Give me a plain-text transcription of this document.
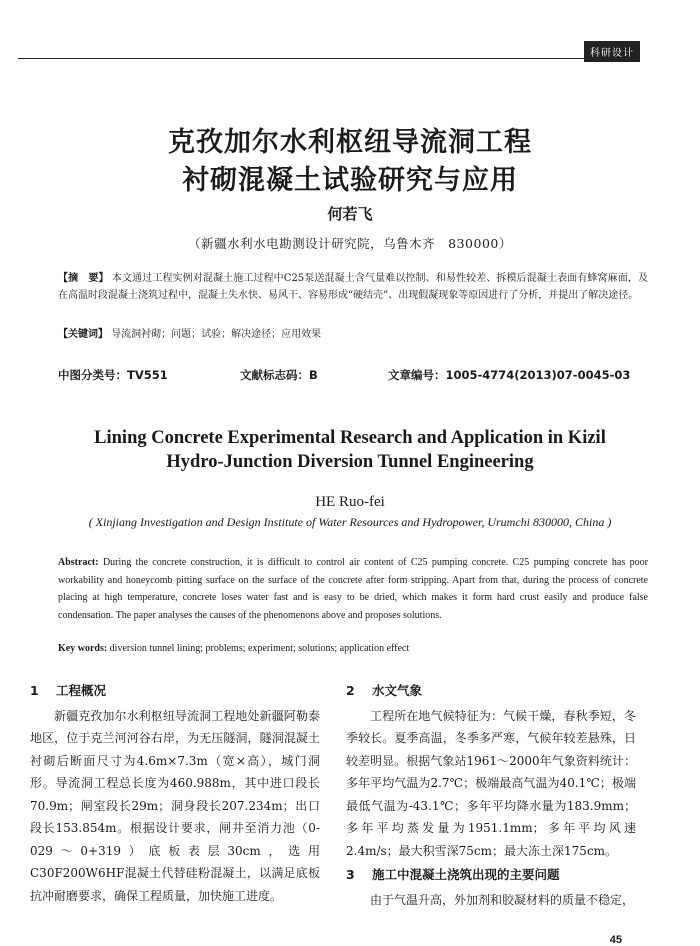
科研设计
克孜加尔水利枢纽导流洞工程
衬砌混凝土试验研究与应用
何若飞
（新疆水利水电勘测设计研究院，乌鲁木齐　830000）
【摘　要】 本文通过工程实例对混凝土施工过程中C25泵送混凝土含气量难以控制、和易性较差、拆模后混凝土表面有蜂窝麻面，及在高温时段混凝土浇筑过程中，混凝土失水快、易风干、容易形成“硬结壳”、出现假凝现象等原因进行了分析，并提出了解决途径。
【关键词】 导流洞衬砌；问题；试验；解决途径；应用效果
中图分类号：TV551	文献标志码：B	文章编号：1005-4774(2013)07-0045-03
Lining Concrete Experimental Research and Application in Kizil
Hydro-Junction Diversion Tunnel Engineering
HE Ruo-fei
( Xinjiang Investigation and Design Institute of Water Resources and Hydropower, Urumchi 830000, China )
Abstract: During the concrete construction, it is difficult to control air content of C25 pumping concrete. C25 pumping concrete has poor workability and honeycomb pitting surface on the surface of the concrete after form stripping. Apart from that, during the process of concrete placing at high temperature, concrete loses water fast and is easy to be dried, which makes it form hard crust easily and produce false condensation. The paper analyses the causes of the phenomenons above and proposes solutions.
Key words: diversion tunnel lining; problems; experiment; solutions; application effect
1 工程概况

新疆克孜加尔水利枢纽导流洞工程地处新疆阿勒泰地区，位于克兰河河谷右岸，为无压隧洞，隧洞混凝土衬砌后断面尺寸为4.6m×7.3m（宽×高），城门洞形。导流洞工程总长度为460.988m，其中进口段长70.9m；闸室段长29m；洞身段长207.234m；出口段长153.854m。根据设计要求，闸井至消力池（0-029～0+319）底板表层30cm，选用C30F200W6HF混凝土代替硅粉混凝土，以满足底板抗冲耐磨要求，确保工程质量，加快施工进度。

2 水文气象

工程所在地气候特征为：气候干燥，春秋季短，冬季较长。夏季高温，冬季多严寒，气候年较差悬殊，日较差明显。根据气象站1961～2000年气象资料统计：多年平均气温为2.7℃；极端最高气温为40.1℃；极端最低气温为-43.1℃；多年平均降水量为183.9mm；多年平均蒸发量为1951.1mm；多年平均风速2.4m/s；最大积雪深75cm；最大冻土深175cm。

3 施工中混凝土浇筑出现的主要问题

由于气温升高，外加剂和胶凝材料的质量不稳定，

45
